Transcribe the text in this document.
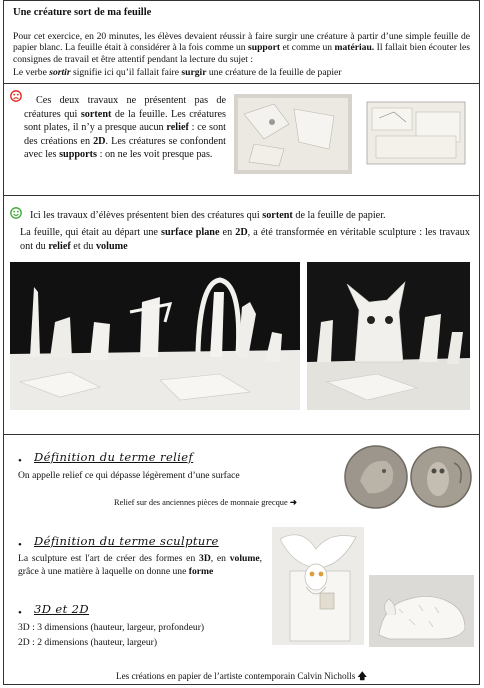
Une créature sort de ma feuille
Pour cet exercice, en 20 minutes, les élèves devaient réussir à faire surgir une créature à partir d’une simple feuille de papier blanc. La feuille était à considérer à la fois comme un support et comme un matériau. Il fallait bien écouter les consignes de travail et être attentif pendant la lecture du sujet :
Le verbe sortir signifie ici qu’il fallait faire surgir une créature de la feuille de papier
Ces deux travaux ne présentent pas de créatures qui sortent de la feuille. Les créatures sont plates, il n’y a presque aucun relief : ce sont des créations en 2D. Les créatures se confondent avec les supports : on ne les voit presque pas.
Ici les travaux d’élèves présentent bien des créatures qui sortent de la feuille de papier.
La feuille, qui était au départ une surface plane en 2D, a été transformée en véritable sculpture : les travaux ont du relief et du volume
• Définition du terme relief
On appelle relief ce qui dépasse légèrement d’une surface
Relief sur des anciennes pièces de monnaie grecque ➜
• Définition du terme sculpture
La sculpture est l'art de créer des formes en 3D, en volume, grâce à une matière à laquelle on donne une forme
• 3D et 2D
3D : 3 dimensions (hauteur, largeur, profondeur)
2D : 2 dimensions (hauteur, largeur)
Les créations en papier de l’artiste contemporain Calvin Nicholls 🡅
